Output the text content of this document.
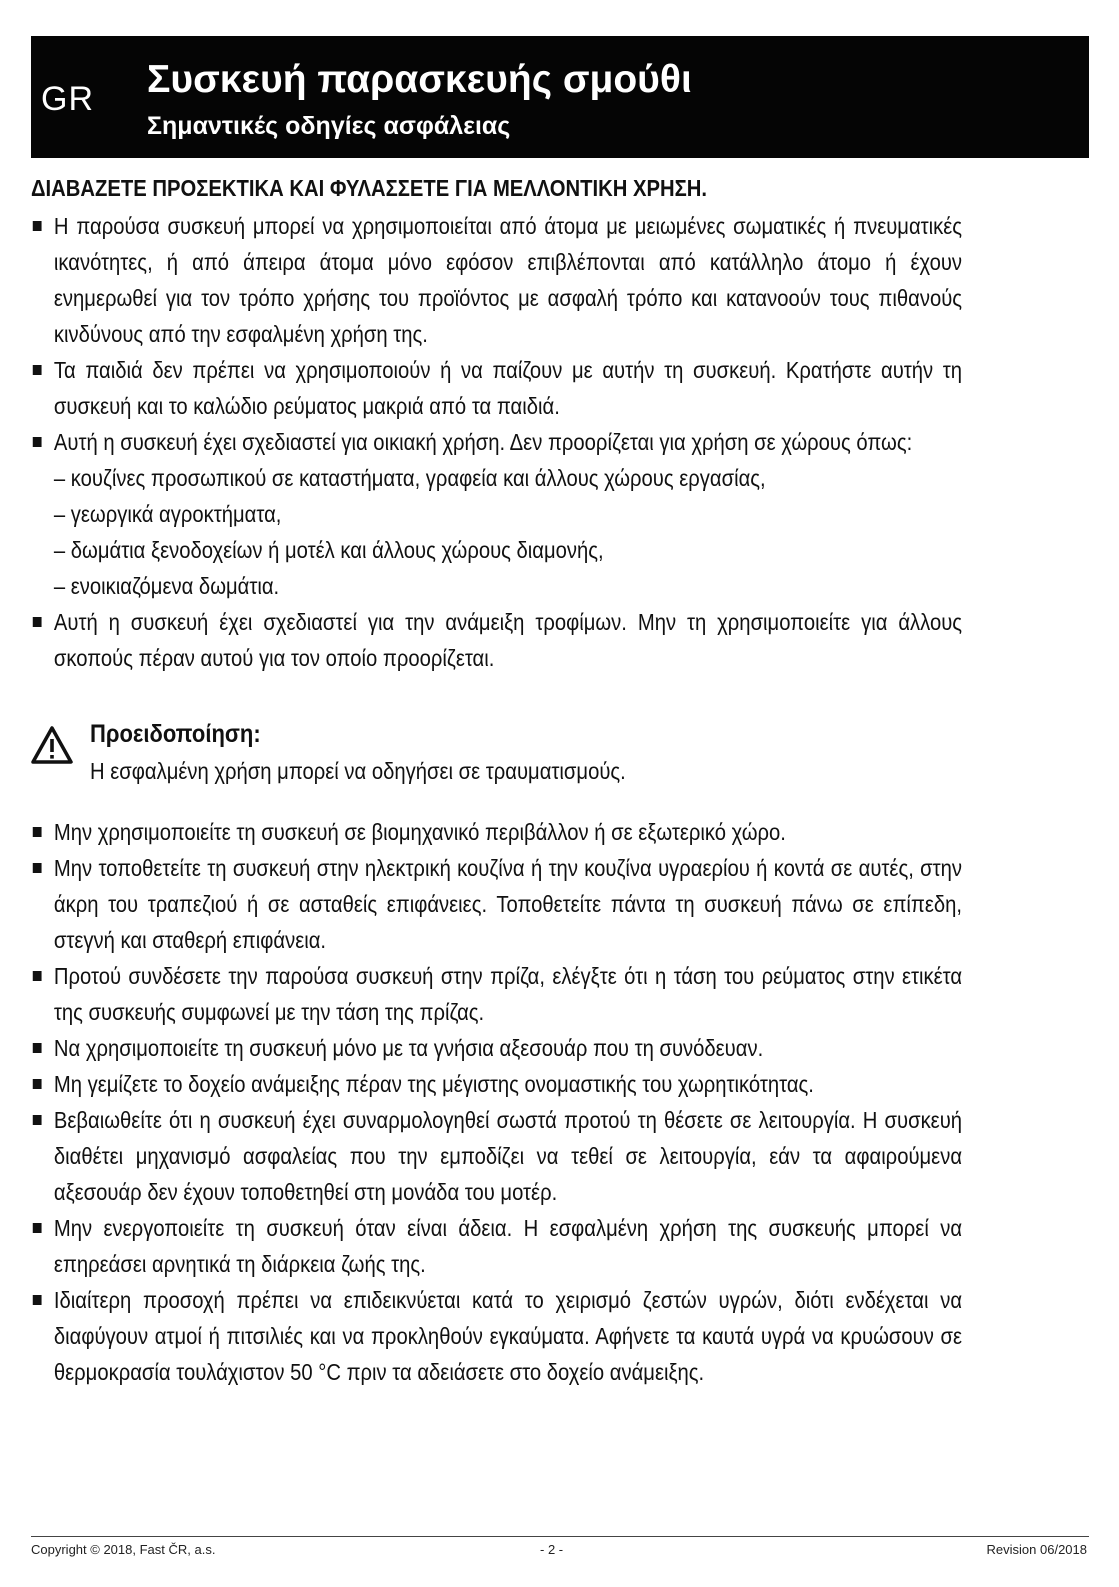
GR Συσκευή παρασκευής σμούθι
Σημαντικές οδηγίες ασφάλειας
ΔΙΑΒΑΖΕΤΕ ΠΡΟΣΕΚΤΙΚΑ ΚΑΙ ΦΥΛΑΣΣΕΤΕ ΓΙΑ ΜΕΛΛΟΝΤΙΚΗ ΧΡΗΣΗ.
Η παρούσα συσκευή μπορεί να χρησιμοποιείται από άτομα με μειωμένες σωματικές ή πνευματικές ικανότητες, ή από άπειρα άτομα μόνο εφόσον επιβλέπονται από κατάλληλο άτομο ή έχουν ενημερωθεί για τον τρόπο χρήσης του προϊόντος με ασφαλή τρόπο και κατανοούν τους πιθανούς κινδύνους από την εσφαλμένη χρήση της.
Τα παιδιά δεν πρέπει να χρησιμοποιούν ή να παίζουν με αυτήν τη συσκευή. Κρατήστε αυτήν τη συσκευή και το καλώδιο ρεύματος μακριά από τα παιδιά.
Αυτή η συσκευή έχει σχεδιαστεί για οικιακή χρήση. Δεν προορίζεται για χρήση σε χώρους όπως:
– κουζίνες προσωπικού σε καταστήματα, γραφεία και άλλους χώρους εργασίας,
– γεωργικά αγροκτήματα,
– δωμάτια ξενοδοχείων ή μοτέλ και άλλους χώρους διαμονής,
– ενοικιαζόμενα δωμάτια.
Αυτή η συσκευή έχει σχεδιαστεί για την ανάμειξη τροφίμων. Μην τη χρησιμοποιείτε για άλλους σκοπούς πέραν αυτού για τον οποίο προορίζεται.
Προειδοποίηση:
Η εσφαλμένη χρήση μπορεί να οδηγήσει σε τραυματισμούς.
Μην χρησιμοποιείτε τη συσκευή σε βιομηχανικό περιβάλλον ή σε εξωτερικό χώρο.
Μην τοποθετείτε τη συσκευή στην ηλεκτρική κουζίνα ή την κουζίνα υγραερίου ή κοντά σε αυτές, στην άκρη του τραπεζιού ή σε ασταθείς επιφάνειες. Τοποθετείτε πάντα τη συσκευή πάνω σε επίπεδη, στεγνή και σταθερή επιφάνεια.
Προτού συνδέσετε την παρούσα συσκευή στην πρίζα, ελέγξτε ότι η τάση του ρεύματος στην ετικέτα της συσκευής συμφωνεί με την τάση της πρίζας.
Να χρησιμοποιείτε τη συσκευή μόνο με τα γνήσια αξεσουάρ που τη συνόδευαν.
Μη γεμίζετε το δοχείο ανάμειξης πέραν της μέγιστης ονομαστικής του χωρητικότητας.
Βεβαιωθείτε ότι η συσκευή έχει συναρμολογηθεί σωστά προτού τη θέσετε σε λειτουργία. Η συσκευή διαθέτει μηχανισμό ασφαλείας που την εμποδίζει να τεθεί σε λειτουργία, εάν τα αφαιρούμενα αξεσουάρ δεν έχουν τοποθετηθεί στη μονάδα του μοτέρ.
Μην ενεργοποιείτε τη συσκευή όταν είναι άδεια. Η εσφαλμένη χρήση της συσκευής μπορεί να επηρεάσει αρνητικά τη διάρκεια ζωής της.
Ιδιαίτερη προσοχή πρέπει να επιδεικνύεται κατά το χειρισμό ζεστών υγρών, διότι ενδέχεται να διαφύγουν ατμοί ή πιτσιλιές και να προκληθούν εγκαύματα. Αφήνετε τα καυτά υγρά να κρυώσουν σε θερμοκρασία τουλάχιστον 50 °C πριν τα αδειάσετε στο δοχείο ανάμειξης.
Copyright © 2018, Fast ČR, a.s.	- 2 -	Revision 06/2018
